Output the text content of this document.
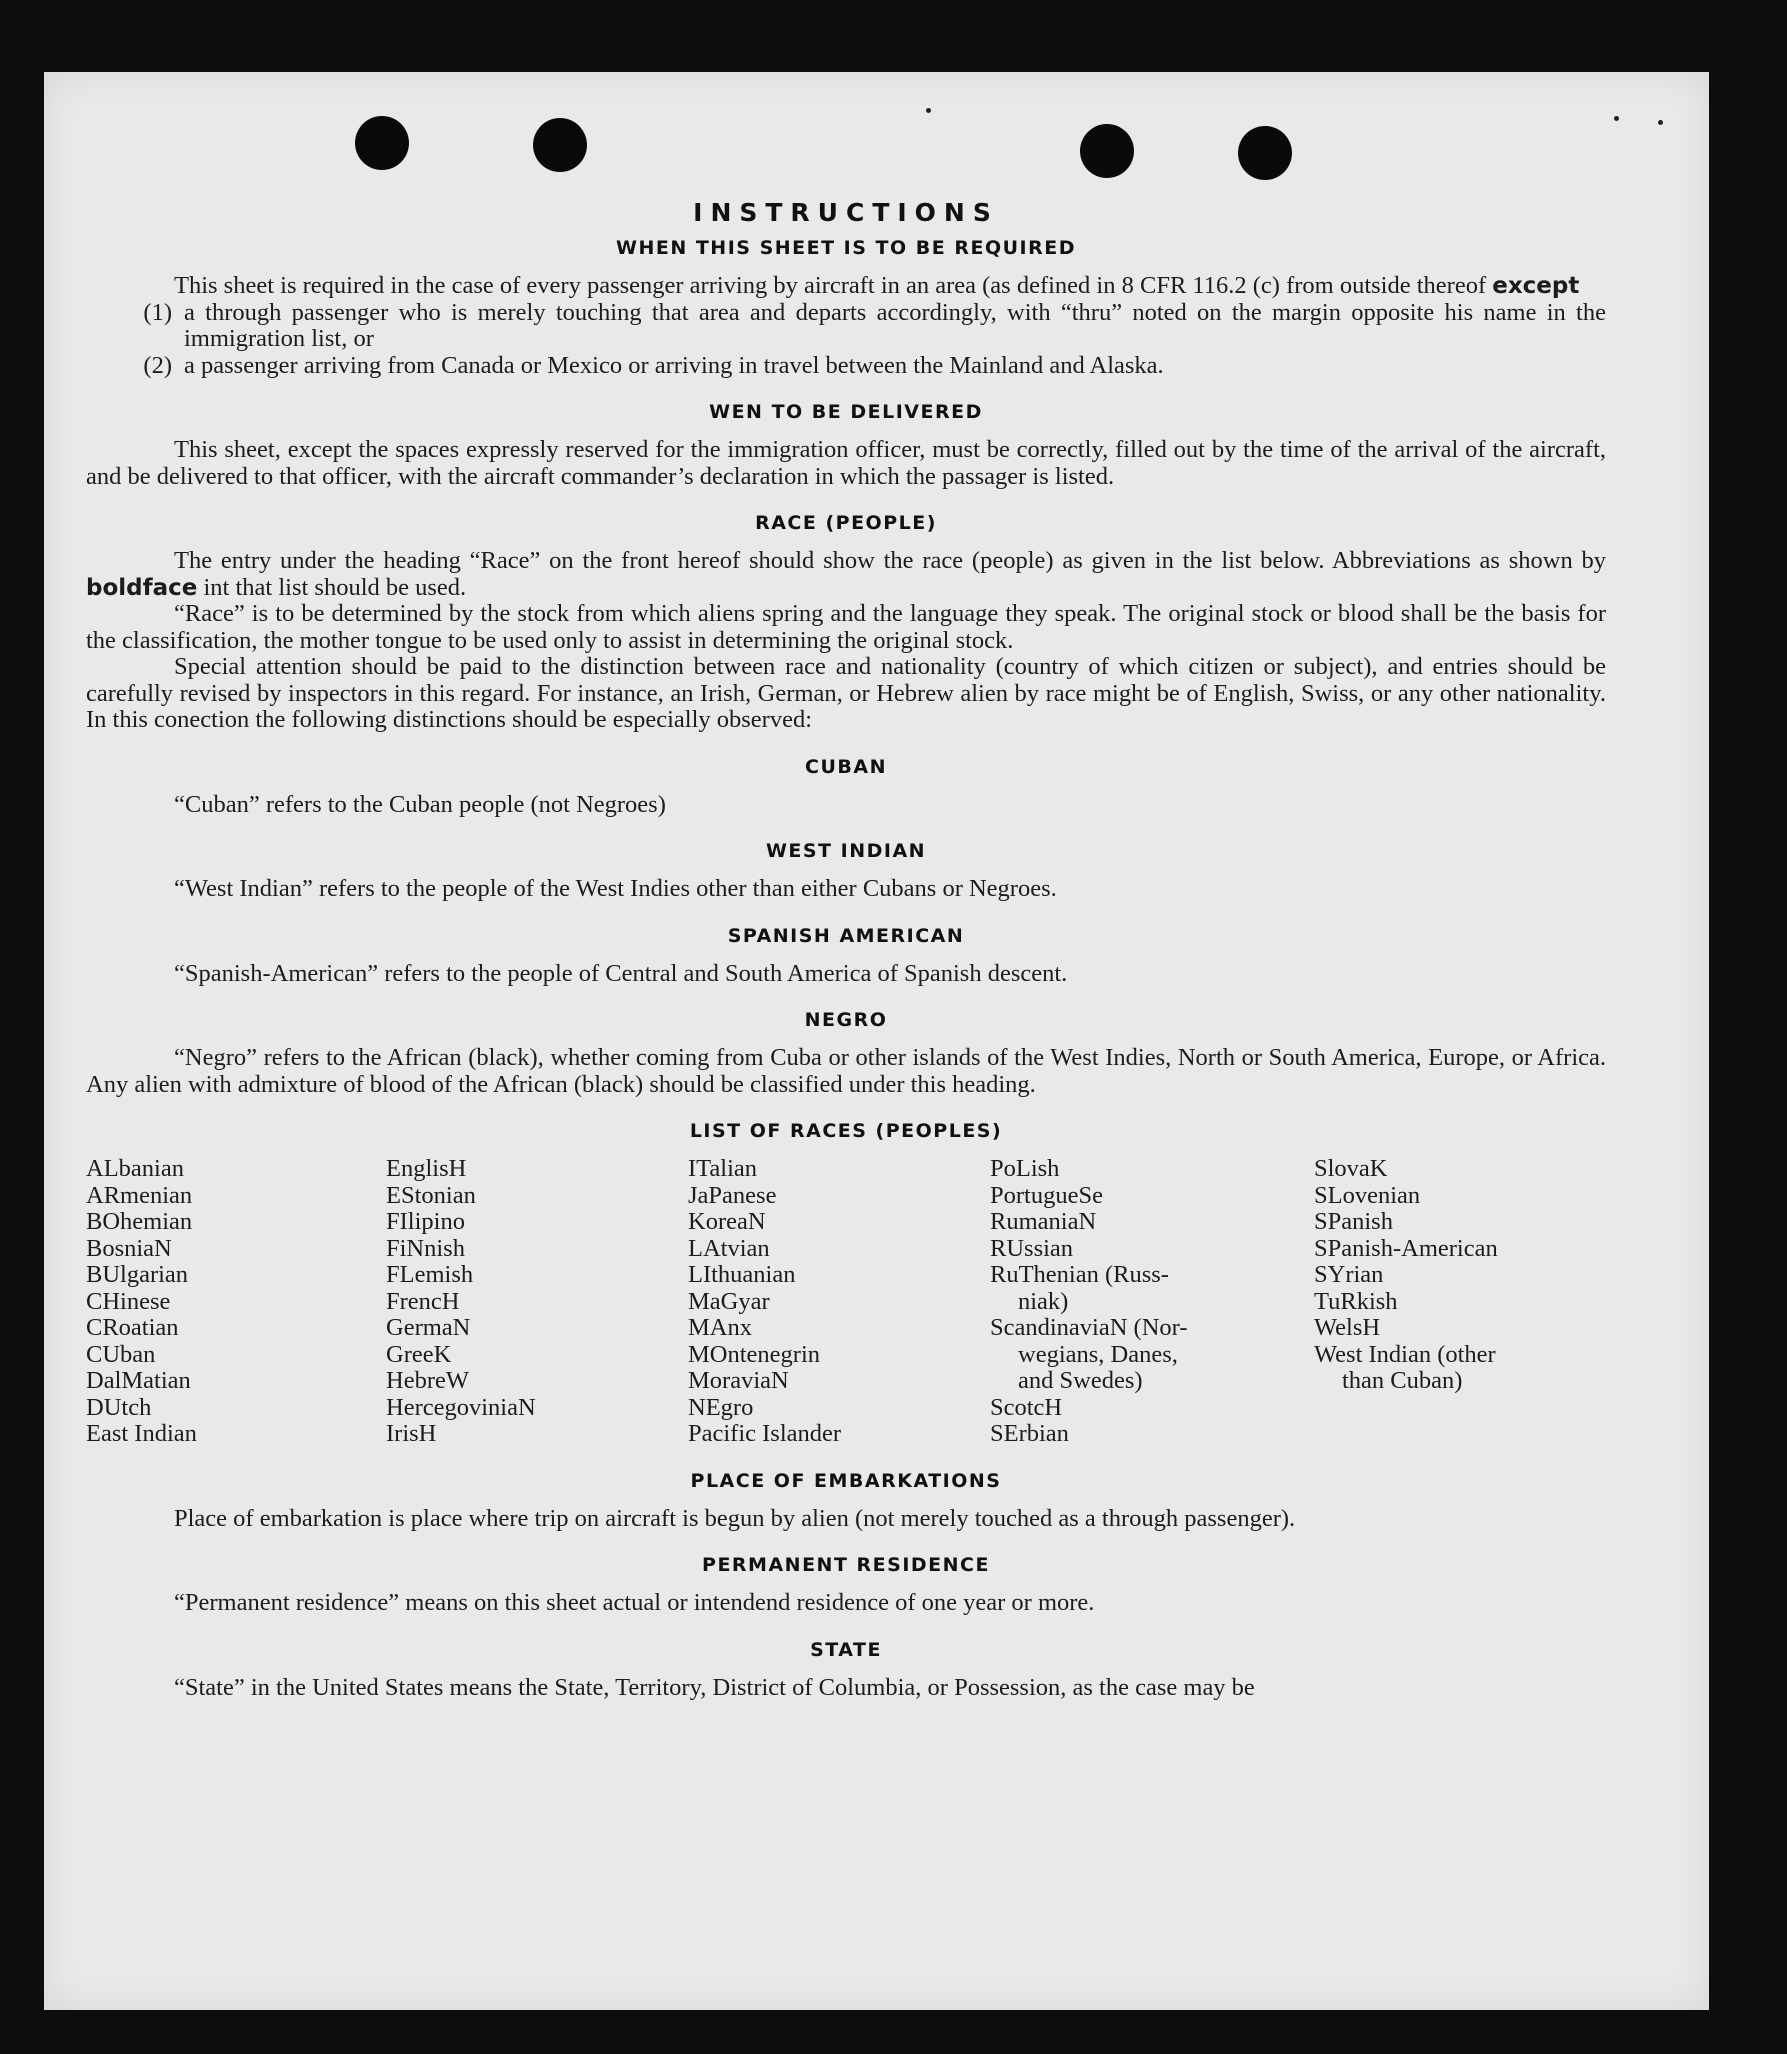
INSTRUCTIONS
WHEN THIS SHEET IS TO BE REQUIRED

This sheet is required in the case of every passenger arriving by aircraft in an area (as defined in 8 CFR 116.2 (c) from outside thereof except

(1) a through passenger who is merely touching that area and departs accordingly, with “thru” noted on the margin opposite his name in the immigration list, or
(2) a passenger arriving from Canada or Mexico or arriving in travel between the Mainland and Alaska.
WEN TO BE DELIVERED

This sheet, except the spaces expressly reserved for the immigration officer, must be correctly, filled out by the time of the arrival of the aircraft, and be delivered to that officer, with the aircraft commander’s declaration in which the passager is listed.

RACE (PEOPLE)

The entry under the heading “Race” on the front hereof should show the race (people) as given in the list below. Abbreviations as shown by boldface int that list should be used.

“Race” is to be determined by the stock from which aliens spring and the language they speak. The original stock or blood shall be the basis for the classification, the mother tongue to be used only to assist in determining the original stock.

Special attention should be paid to the distinction between race and nationality (country of which citizen or subject), and entries should be carefully revised by inspectors in this regard. For instance, an Irish, German, or Hebrew alien by race might be of English, Swiss, or any other nationality. In this conection the following distinctions should be especially observed:

CUBAN

“Cuban” refers to the Cuban people (not Negroes)

WEST INDIAN

“West Indian” refers to the people of the West Indies other than either Cubans or Negroes.

SPANISH AMERICAN

“Spanish-American” refers to the people of Central and South America of Spanish descent.

NEGRO

“Negro” refers to the African (black), whether coming from Cuba or other islands of the West Indies, North or South America, Europe, or Africa. Any alien with admixture of blood of the African (black) should be classified under this heading.

LIST OF RACES (PEOPLES)
ALbanian
ARmenian
BOhemian
BosniaN
BUlgarian
CHinese
CRoatian
CUban
DalMatian
DUtch
East Indian
EnglisH
EStonian
FIlipino
FiNnish
FLemish
FrencH
GermaN
GreeK
HebreW
HercegoviniaN
IrisH
ITalian
JaPanese
KoreaN
LAtvian
LIthuanian
MaGyar
MAnx
MOntenegrin
MoraviaN
NEgro
Pacific Islander
PoLish
PortugueSe
RumaniaN
RUssian
RuThenian (Russ-
niak)
ScandinaviaN (Nor-
wegians, Danes,
and Swedes)
ScotcH
SErbian
SlovaK
SLovenian
SPanish
SPanish-American
SYrian
TuRkish
WelsH
West Indian (other
than Cuban)
PLACE OF EMBARKATIONS

Place of embarkation is place where trip on aircraft is begun by alien (not merely touched as a through passenger).

PERMANENT RESIDENCE

“Permanent residence” means on this sheet actual or intendend residence of one year or more.

STATE

“State” in the United States means the State, Territory, District of Columbia, or Possession, as the case may be
